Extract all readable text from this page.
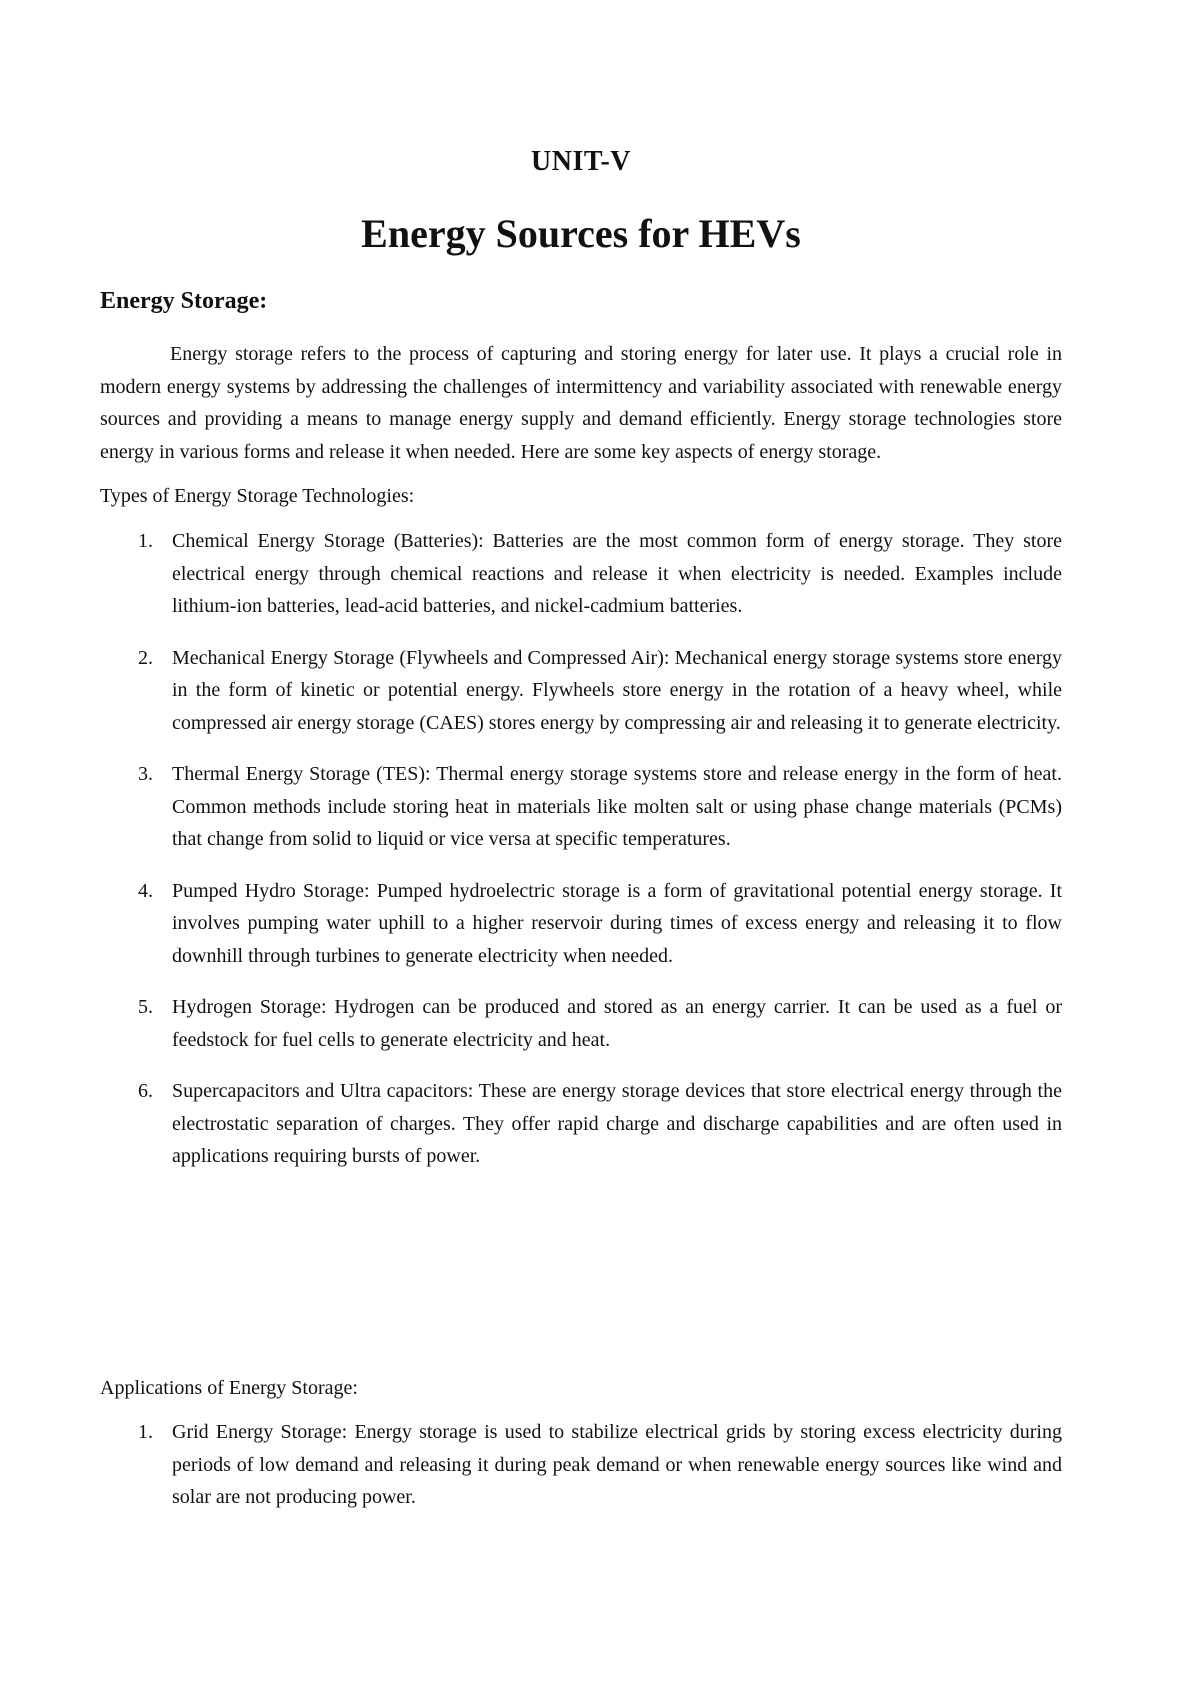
UNIT-V
Energy Sources for HEVs
Energy Storage:

Energy storage refers to the process of capturing and storing energy for later use. It plays a crucial role in modern energy systems by addressing the challenges of intermittency and variability associated with renewable energy sources and providing a means to manage energy supply and demand efficiently. Energy storage technologies store energy in various forms and release it when needed. Here are some key aspects of energy storage.

Types of Energy Storage Technologies:

1. Chemical Energy Storage (Batteries): Batteries are the most common form of energy storage. They store electrical energy through chemical reactions and release it when electricity is needed. Examples include lithium-ion batteries, lead-acid batteries, and nickel-cadmium batteries.
2. Mechanical Energy Storage (Flywheels and Compressed Air): Mechanical energy storage systems store energy in the form of kinetic or potential energy. Flywheels store energy in the rotation of a heavy wheel, while compressed air energy storage (CAES) stores energy by compressing air and releasing it to generate electricity.
3. Thermal Energy Storage (TES): Thermal energy storage systems store and release energy in the form of heat. Common methods include storing heat in materials like molten salt or using phase change materials (PCMs) that change from solid to liquid or vice versa at specific temperatures.
4. Pumped Hydro Storage: Pumped hydroelectric storage is a form of gravitational potential energy storage. It involves pumping water uphill to a higher reservoir during times of excess energy and releasing it to flow downhill through turbines to generate electricity when needed.
5. Hydrogen Storage: Hydrogen can be produced and stored as an energy carrier. It can be used as a fuel or feedstock for fuel cells to generate electricity and heat.
6. Supercapacitors and Ultra capacitors: These are energy storage devices that store electrical energy through the electrostatic separation of charges. They offer rapid charge and discharge capabilities and are often used in applications requiring bursts of power.

Applications of Energy Storage:

1. Grid Energy Storage: Energy storage is used to stabilize electrical grids by storing excess electricity during periods of low demand and releasing it during peak demand or when renewable energy sources like wind and solar are not producing power.
